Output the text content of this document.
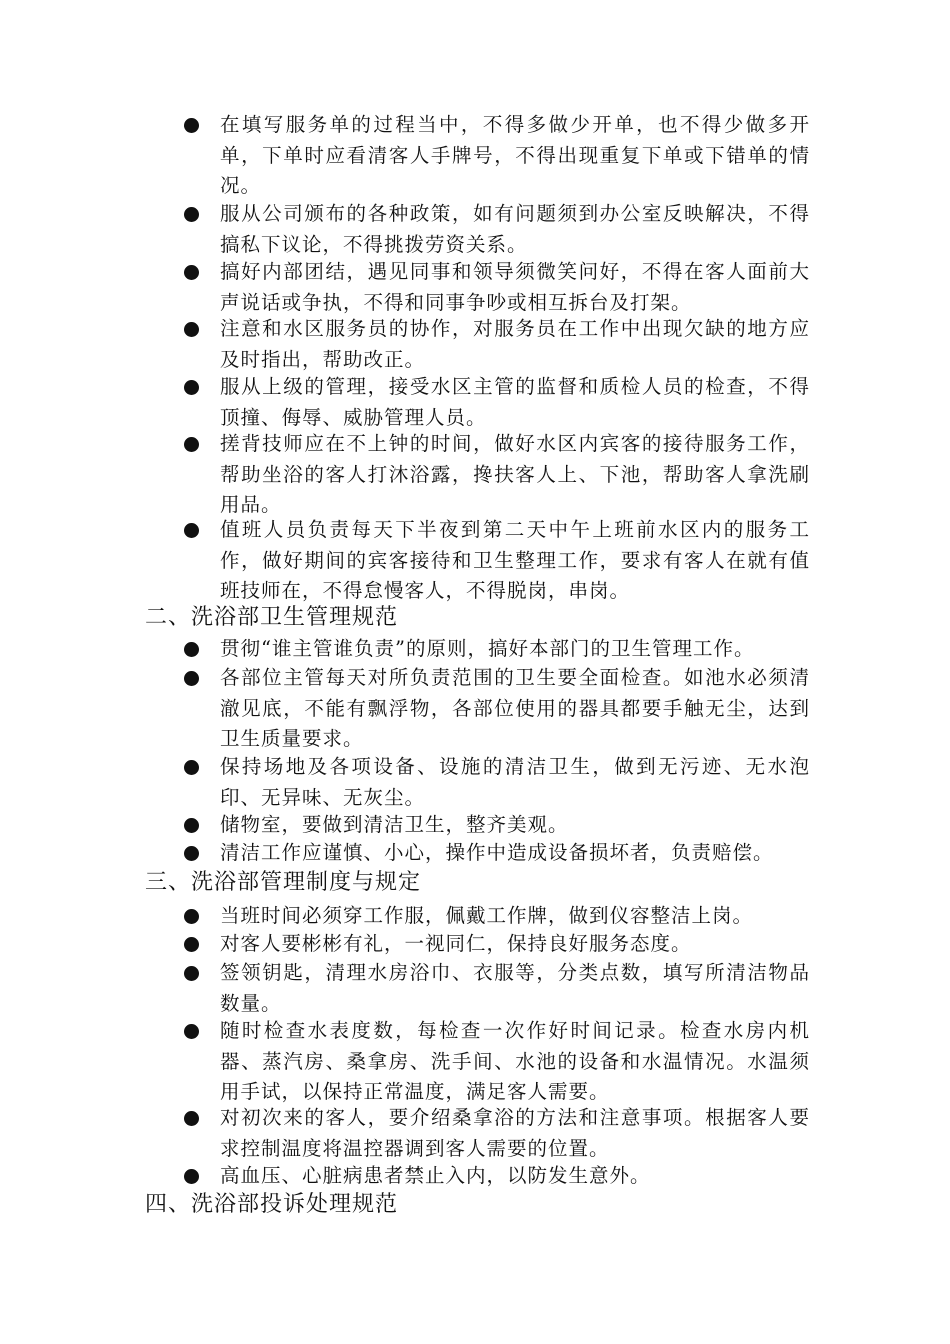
在填写服务单的过程当中，不得多做少开单，也不得少做多开单，下单时应看清客人手牌号，不得出现重复下单或下错单的情况。
服从公司颁布的各种政策，如有问题须到办公室反映解决，不得搞私下议论，不得挑拨劳资关系。
搞好内部团结，遇见同事和领导须微笑问好，不得在客人面前大声说话或争执，不得和同事争吵或相互拆台及打架。
注意和水区服务员的协作，对服务员在工作中出现欠缺的地方应及时指出，帮助改正。
服从上级的管理，接受水区主管的监督和质检人员的检查，不得顶撞、侮辱、威胁管理人员。
搓背技师应在不上钟的时间，做好水区内宾客的接待服务工作，帮助坐浴的客人打沐浴露，搀扶客人上、下池，帮助客人拿洗刷用品。
值班人员负责每天下半夜到第二天中午上班前水区内的服务工作，做好期间的宾客接待和卫生整理工作，要求有客人在就有值班技师在，不得怠慢客人，不得脱岗，串岗。
二、洗浴部卫生管理规范
贯彻“谁主管谁负责”的原则，搞好本部门的卫生管理工作。
各部位主管每天对所负责范围的卫生要全面检查。如池水必须清澈见底，不能有飘浮物，各部位使用的器具都要手触无尘，达到卫生质量要求。
保持场地及各项设备、设施的清洁卫生，做到无污迹、无水泡印、无异味、无灰尘。
储物室，要做到清洁卫生，整齐美观。
清洁工作应谨慎、小心，操作中造成设备损坏者，负责赔偿。
三、洗浴部管理制度与规定
当班时间必须穿工作服，佩戴工作牌，做到仪容整洁上岗。
对客人要彬彬有礼，一视同仁，保持良好服务态度。
签领钥匙，清理水房浴巾、衣服等，分类点数，填写所清洁物品数量。
随时检查水表度数，每检查一次作好时间记录。检查水房内机器、蒸汽房、桑拿房、洗手间、水池的设备和水温情况。水温须用手试，以保持正常温度，满足客人需要。
对初次来的客人，要介绍桑拿浴的方法和注意事项。根据客人要求控制温度将温控器调到客人需要的位置。
高血压、心脏病患者禁止入内，以防发生意外。
四、洗浴部投诉处理规范
